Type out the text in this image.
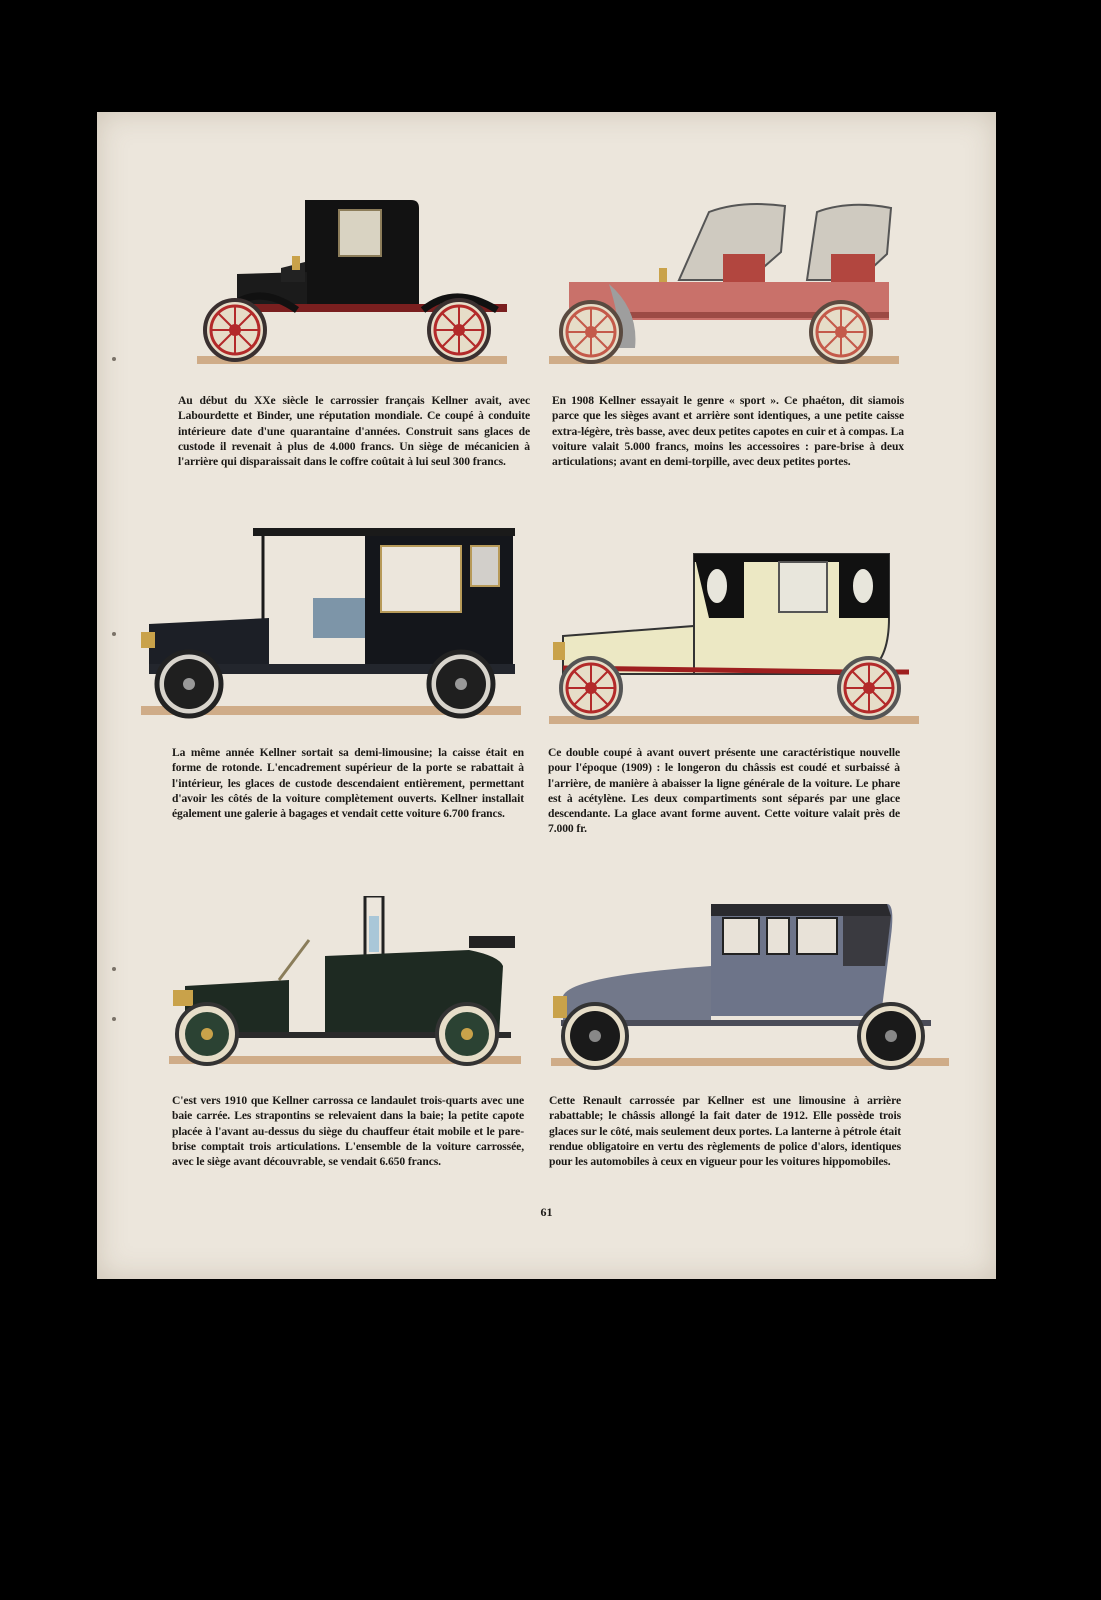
Au début du XXe siècle le carrossier français Kellner avait, avec Labourdette et Binder, une réputation mondiale. Ce coupé à conduite intérieure date d'une quarantaine d'années. Construit sans glaces de custode il revenait à plus de 4.000 francs. Un siège de mécanicien à l'arrière qui disparaissait dans le coffre coûtait à lui seul 300 francs.
En 1908 Kellner essayait le genre « sport ». Ce phaéton, dit siamois parce que les sièges avant et arrière sont identiques, a une petite caisse extra-légère, très basse, avec deux petites capotes en cuir et à compas. La voiture valait 5.000 francs, moins les accessoires : pare-brise à deux articulations; avant en demi-torpille, avec deux petites portes.
La même année Kellner sortait sa demi-limousine; la caisse était en forme de rotonde. L'encadrement supérieur de la porte se rabattait à l'intérieur, les glaces de custode descendaient entièrement, permettant d'avoir les côtés de la voiture complètement ouverts. Kellner installait également une galerie à bagages et vendait cette voiture 6.700 francs.
Ce double coupé à avant ouvert présente une caractéristique nouvelle pour l'époque (1909) : le longeron du châssis est coudé et surbaissé à l'arrière, de manière à abaisser la ligne générale de la voiture. Le phare est à acétylène. Les deux compartiments sont séparés par une glace descendante. La glace avant forme auvent. Cette voiture valait près de 7.000 fr.
C'est vers 1910 que Kellner carrossa ce landaulet trois-quarts avec une baie carrée. Les strapontins se relevaient dans la baie; la petite capote placée à l'avant au-dessus du siège du chauffeur était mobile et le pare-brise comptait trois articulations. L'ensemble de la voiture carrossée, avec le siège avant découvrable, se vendait 6.650 francs.
Cette Renault carrossée par Kellner est une limousine à arrière rabattable; le châssis allongé la fait dater de 1912. Elle possède trois glaces sur le côté, mais seulement deux portes. La lanterne à pétrole était rendue obligatoire en vertu des règlements de police d'alors, identiques pour les automobiles à ceux en vigueur pour les voitures hippomobiles.
61
